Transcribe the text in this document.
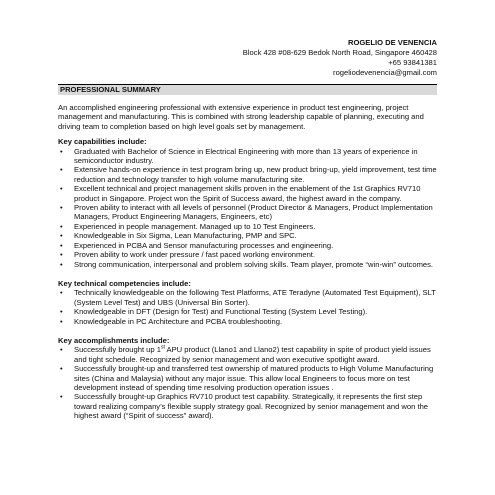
ROGELIO DE VENENCIA
Block 428 #08-629 Bedok North Road, Singapore 460428
+65 93841381
rogeliodevenencia@gmail.com
PROFESSIONAL SUMMARY
An accomplished engineering professional with extensive experience in product test engineering, project management and manufacturing. This is combined with strong leadership capable of planning, executing and driving team to completion based on high level goals set by management.
Key capabilities include:
• Graduated with Bachelor of Science in Electrical Engineering with more than 13 years of experience in semiconductor industry.
• Extensive hands-on experience in test program bring up, new product bring-up, yield improvement, test time reduction and technology transfer to high volume manufacturing site.
• Excellent technical and project management skills proven in the enablement of the 1st Graphics RV710 product in Singapore. Project won the Spirit of Success award, the highest award in the company.
• Proven ability to interact with all levels of personnel (Product Director & Managers, Product Implementation Managers, Product Engineering Managers, Engineers, etc)
• Experienced in people management. Managed up to 10 Test Engineers.
• Knowledgeable in Six Sigma, Lean Manufacturing, PMP and SPC.
• Experienced in PCBA and Sensor manufacturing processes and engineering.
• Proven ability to work under pressure / fast paced working environment.
• Strong communication, interpersonal and problem solving skills. Team player, promote “win-win” outcomes.
Key technical competencies include:
• Technically knowledgeable on the following Test Platforms, ATE Teradyne (Automated Test Equipment), SLT (System Level Test) and UBS (Universal Bin Sorter).
• Knowledgeable in DFT (Design for Test) and Functional Testing (System Level Testing).
• Knowledgeable in PC Architecture and PCBA troubleshooting.
Key accomplishments include:
• Successfully brought up 1st APU product (Llano1 and Llano2) test capability in spite of product yield issues and tight schedule. Recognized by senior management and won executive spotlight award.
• Successfully brought-up and transferred test ownership of matured products to High Volume Manufacturing sites (China and Malaysia) without any major issue. This allow local Engineers to focus more on test development instead of spending time resolving production operation issues .
• Successfully brought-up Graphics RV710 product test capability. Strategically, it represents the first step toward realizing company’s flexible supply strategy goal. Recognized by senior management and won the highest award (“Spirit of success” award).
